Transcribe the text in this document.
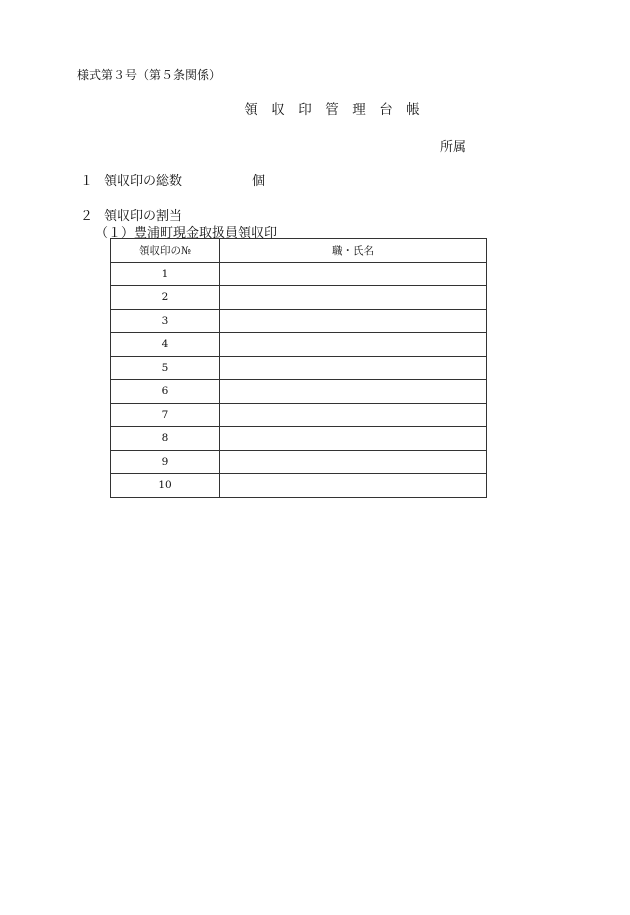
様式第３号（第５条関係）
領　収　印　管　理　台　帳
所属
１ 領収印の総数	個
２ 領収印の割当
（１）豊浦町現金取扱員領収印
領収印の№	職・氏名
1	
2	
3	
4	
5	
6	
7	
8	
9	
10	
